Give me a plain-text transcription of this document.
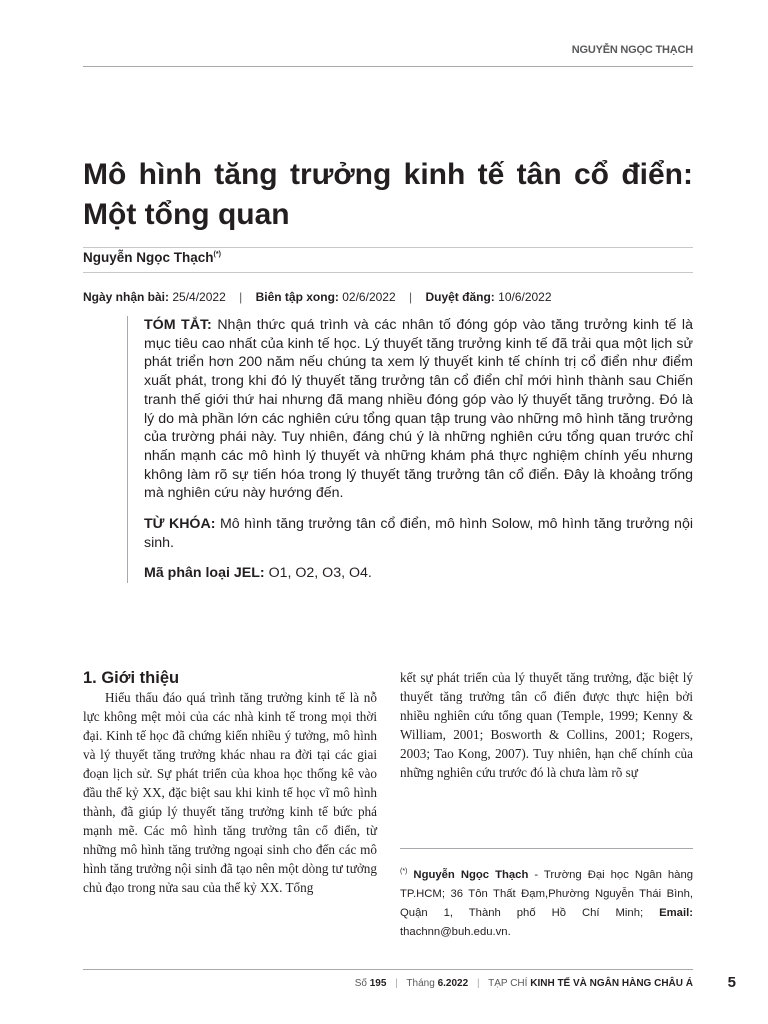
NGUYỄN NGỌC THẠCH
Mô hình tăng trưởng kinh tế tân cổ điển: Một tổng quan
Nguyễn Ngọc Thạch(*)
Ngày nhận bài: 25/4/2022 | Biên tập xong: 02/6/2022 | Duyệt đăng: 10/6/2022

TÓM TẮT: Nhận thức quá trình và các nhân tố đóng góp vào tăng trưởng kinh tế là mục tiêu cao nhất của kinh tế học. Lý thuyết tăng trưởng kinh tế đã trải qua một lịch sử phát triển hơn 200 năm nếu chúng ta xem lý thuyết kinh tế chính trị cổ điển như điểm xuất phát, trong khi đó lý thuyết tăng trưởng tân cổ điển chỉ mới hình thành sau Chiến tranh thế giới thứ hai nhưng đã mang nhiều đóng góp vào lý thuyết tăng trưởng. Đó là lý do mà phần lớn các nghiên cứu tổng quan tập trung vào những mô hình tăng trưởng của trường phái này. Tuy nhiên, đáng chú ý là những nghiên cứu tổng quan trước chỉ nhấn mạnh các mô hình lý thuyết và những khám phá thực nghiệm chính yếu nhưng không làm rõ sự tiến hóa trong lý thuyết tăng trưởng tân cổ điển. Đây là khoảng trống mà nghiên cứu này hướng đến.

TỪ KHÓA: Mô hình tăng trưởng tân cổ điển, mô hình Solow, mô hình tăng trưởng nội sinh.

Mã phân loại JEL: O1, O2, O3, O4.

1. Giới thiệu

Hiểu thấu đáo quá trình tăng trưởng kinh tế là nỗ lực không mệt mỏi của các nhà kinh tế trong mọi thời đại. Kinh tế học đã chứng kiến nhiều ý tưởng, mô hình và lý thuyết tăng trưởng khác nhau ra đời tại các giai đoạn lịch sử. Sự phát triển của khoa học thống kê vào đầu thế kỷ XX, đặc biệt sau khi kinh tế học vĩ mô hình thành, đã giúp lý thuyết tăng trưởng kinh tế bức phá mạnh mẽ. Các mô hình tăng trưởng tân cổ điển, từ những mô hình tăng trưởng ngoại sinh cho đến các mô hình tăng trưởng nội sinh đã tạo nên một dòng tư tưởng chủ đạo trong nửa sau của thế kỷ XX. Tổng

kết sự phát triển của lý thuyết tăng trưởng, đặc biệt lý thuyết tăng trưởng tân cổ điển được thực hiện bởi nhiều nghiên cứu tổng quan (Temple, 1999; Kenny & William, 2001; Bosworth & Collins, 2001; Rogers, 2003; Tao Kong, 2007). Tuy nhiên, hạn chế chính của những nghiên cứu trước đó là chưa làm rõ sự

(*) Nguyễn Ngọc Thạch - Trường Đại học Ngân hàng TP.HCM; 36 Tôn Thất Đạm,Phường Nguyễn Thái Bình, Quận 1, Thành phố Hồ Chí Minh; Email: thachnn@buh.edu.vn.
Số 195 | Tháng 6.2022 | TẠP CHÍ KINH TẾ VÀ NGÂN HÀNG CHÂU Á 5
